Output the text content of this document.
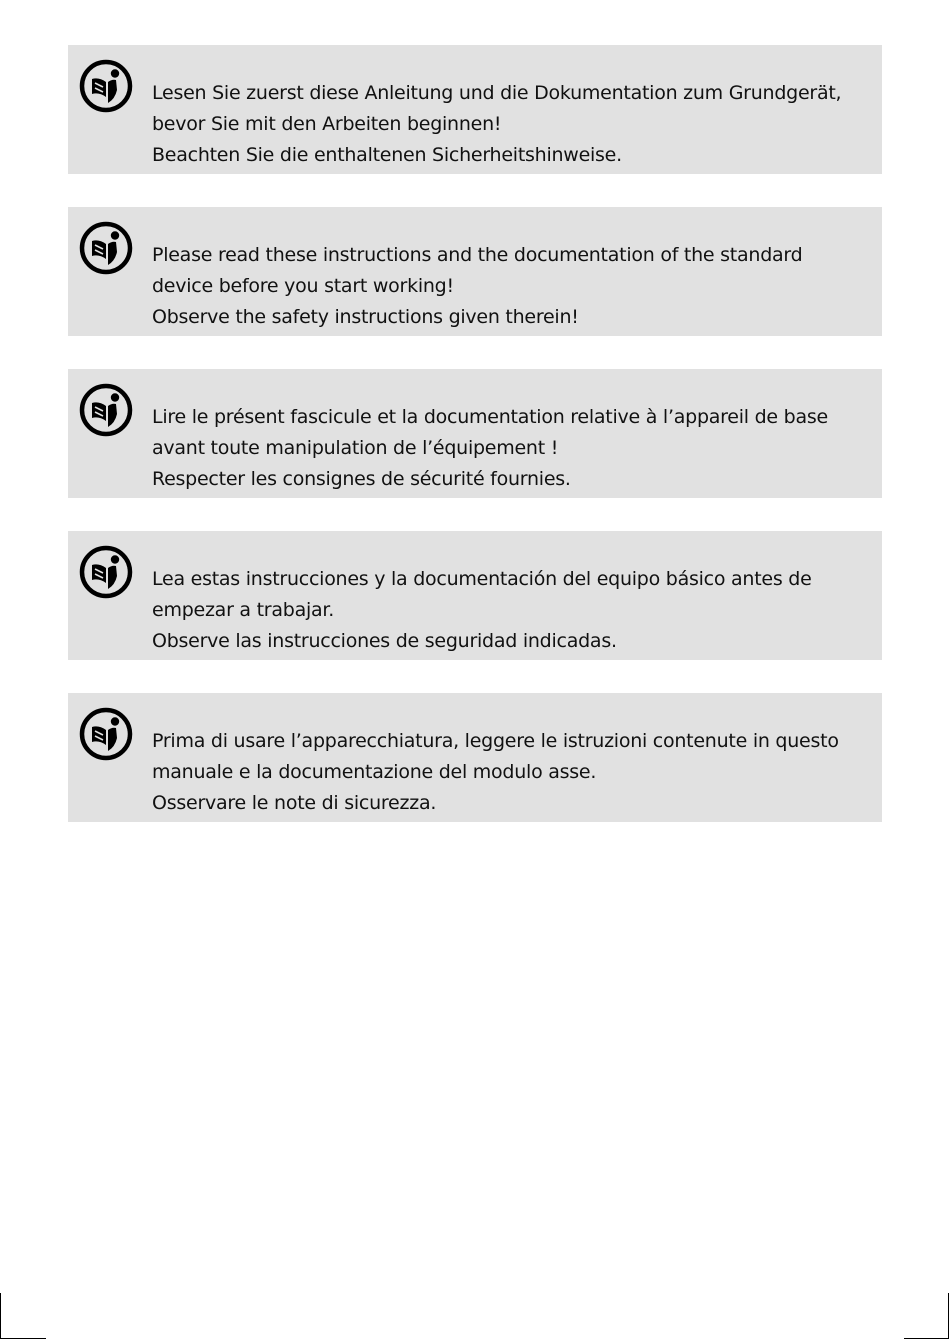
Lesen Sie zuerst diese Anleitung und die Dokumentation zum Grundgerät,
bevor Sie mit den Arbeiten beginnen!
Beachten Sie die enthaltenen Sicherheitshinweise.
Please read these instructions and the documentation of the standard
device before you start working!
Observe the safety instructions given therein!
Lire le présent fascicule et la documentation relative à l’appareil de base
avant toute manipulation de l’équipement !
Respecter les consignes de sécurité fournies.
Lea estas instrucciones y la documentación del equipo básico antes de
empezar a trabajar.
Observe las instrucciones de seguridad indicadas.
Prima di usare l’apparecchiatura, leggere le istruzioni contenute in questo
manuale e la documentazione del modulo asse.
Osservare le note di sicurezza.
